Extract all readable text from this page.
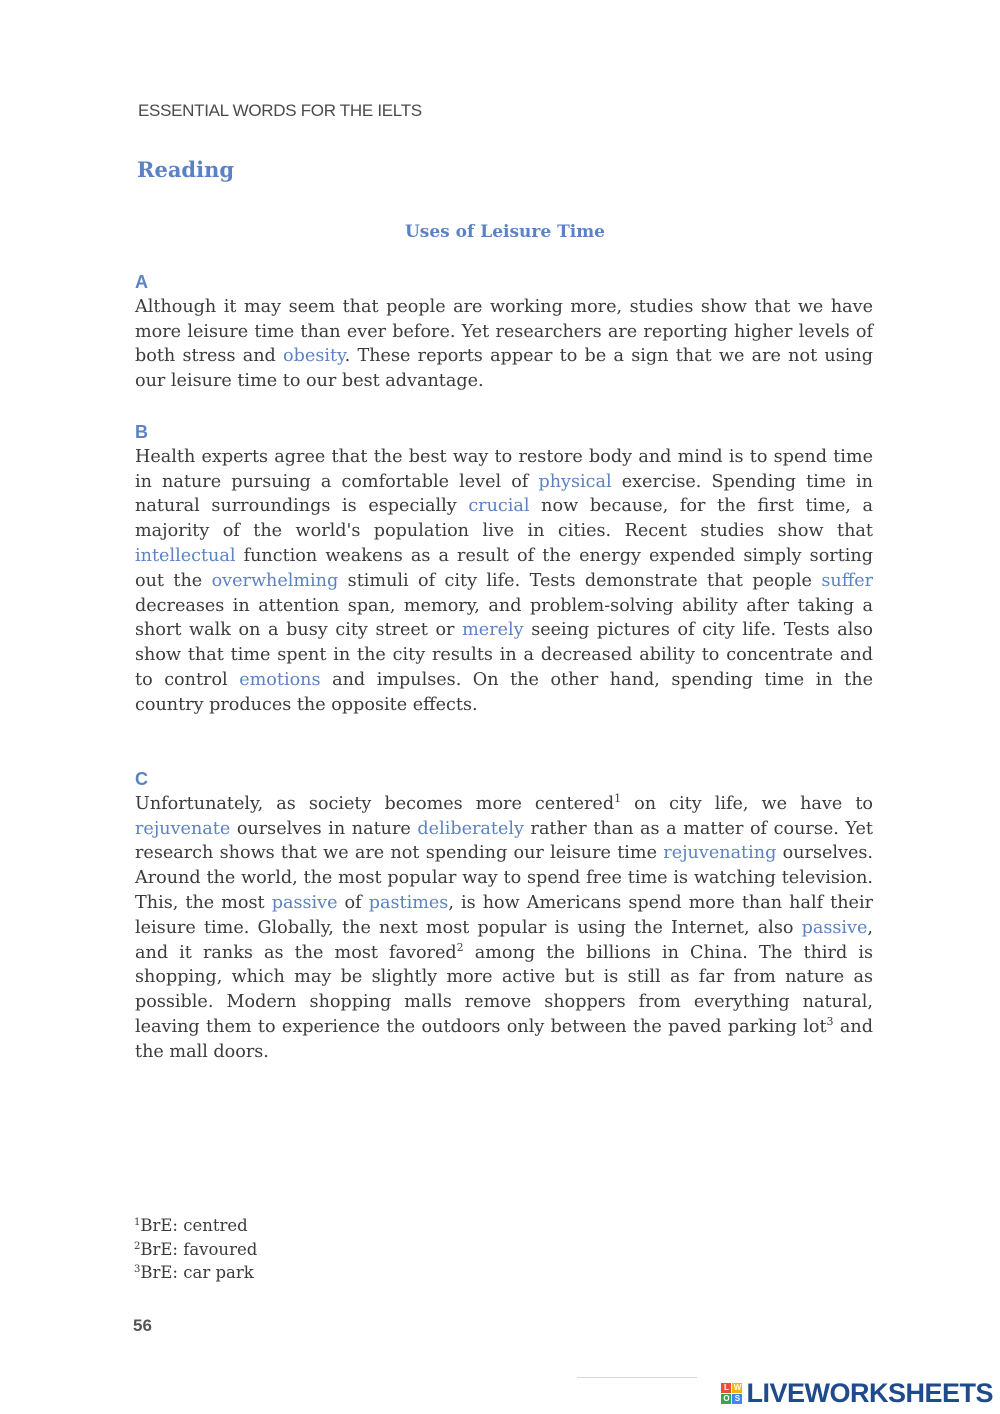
ESSENTIAL WORDS FOR THE IELTS
Reading
Uses of Leisure Time
A
Although it may seem that people are working more, studies show that we have more leisure time than ever before. Yet researchers are reporting higher levels of both stress and obesity. These reports appear to be a sign that we are not using our leisure time to our best advantage.
B
Health experts agree that the best way to restore body and mind is to spend time in nature pursuing a comfortable level of physical exercise. Spending time in natural surroundings is especially crucial now because, for the first time, a majority of the world's population live in cities. Recent studies show that intellectual function weakens as a result of the energy expended simply sorting out the overwhelming stimuli of city life. Tests demonstrate that people suffer decreases in attention span, memory, and problem-solving ability after taking a short walk on a busy city street or merely seeing pictures of city life. Tests also show that time spent in the city results in a decreased ability to concentrate and to control emotions and impulses. On the other hand, spending time in the country produces the opposite effects.
C
Unfortunately, as society becomes more centered$^1$ on city life, we have to rejuvenate ourselves in nature deliberately rather than as a matter of course. Yet research shows that we are not spending our leisure time rejuvenating ourselves. Around the world, the most popular way to spend free time is watching television. This, the most passive of pastimes, is how Americans spend more than half their leisure time. Globally, the next most popular is using the Internet, also passive, and it ranks as the most favored$^2$ among the billions in China. The third is shopping, which may be slightly more active but is still as far from nature as possible. Modern shopping malls remove shoppers from everything natural, leaving them to experience the outdoors only between the paved parking lot$^3$ and the mall doors.
$^1$BrE: centred
$^2$BrE: favoured
$^3$BrE: car park
56
L W
O S LIVEWORKSHEETS
